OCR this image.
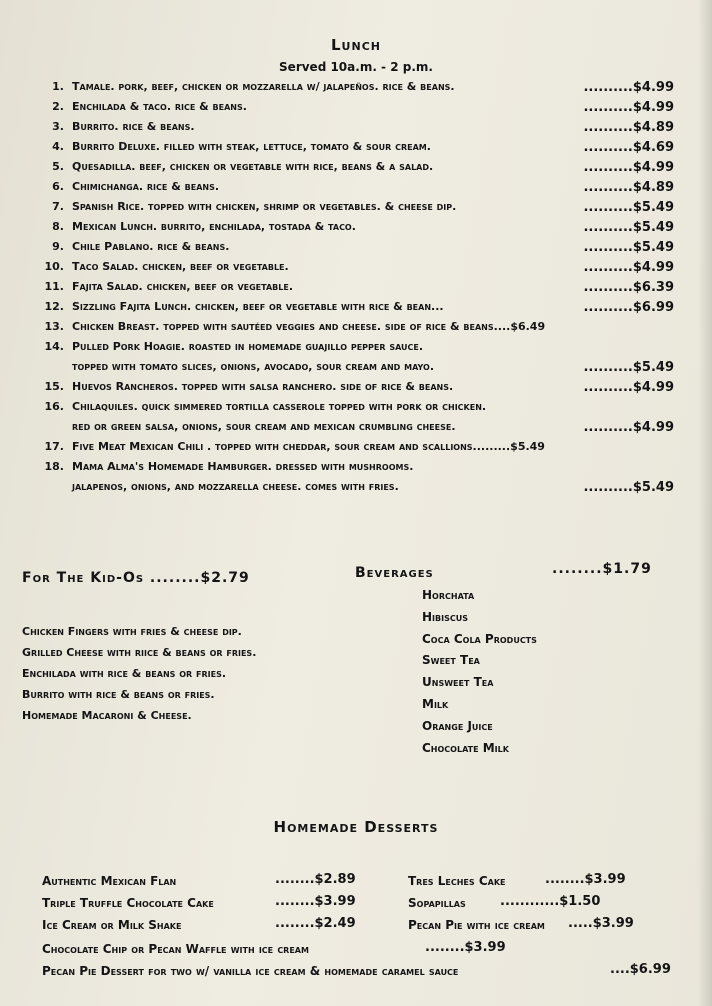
Lunch
Served 10a.m. - 2 p.m.
1. Tamale. pork, beef, chicken or mozzarella w/ jalapeños. rice & beans.	..........$4.99
2. Enchilada & taco. rice & beans.	..........$4.99
3. Burrito. rice & beans.	..........$4.89
4. Burrito Deluxe. filled with steak, lettuce, tomato & sour cream.	..........$4.69
5. Quesadilla. beef, chicken or vegetable with rice, beans & a salad.	..........$4.99
6. Chimichanga. rice & beans.	..........$4.89
7. Spanish Rice. topped with chicken, shrimp or vegetables. & cheese dip.	..........$5.49
8. Mexican Lunch. burrito, enchilada, tostada & taco.	..........$5.49
9. Chile Pablano. rice & beans.	..........$5.49
10. Taco Salad. chicken, beef or vegetable.	..........$4.99
11. Fajita Salad. chicken, beef or vegetable.	..........$6.39
12. Sizzling Fajita Lunch. chicken, beef or vegetable with rice & bean...	..........$6.99
13. Chicken Breast. topped with sautéed veggies and cheese. side of rice & beans....$6.49
14. Pulled Pork Hoagie. roasted in homemade guajillo pepper sauce.
topped with tomato slices, onions, avocado, sour cream and mayo.	..........$5.49
15. Huevos Rancheros. topped with salsa ranchero. side of rice & beans.	..........$4.99
16. Chilaquiles. quick simmered tortilla casserole topped with pork or chicken.
red or green salsa, onions, sour cream and mexican crumbling cheese.	..........$4.99
17. Five Meat Mexican Chili . topped with cheddar, sour cream and scallions.........$5.49
18. Mama Alma's Homemade Hamburger. dressed with mushrooms.
jalapenos, onions, and mozzarella cheese. comes with fries.	..........$5.49
For The Kid-Os ........$2.79
Chicken Fingers with fries & cheese dip.
Grilled Cheese with riice & beans or fries.
Enchilada with rice & beans or fries.
Burrito with rice & beans or fries.
Homemade Macaroni & Cheese.
Beverages	........$1.79
Horchata
Hibiscus
Coca Cola Products
Sweet Tea
Unsweet Tea
Milk
Orange Juice
Chocolate Milk
Homemade Desserts
Authentic Mexican Flan	........$2.89
Triple Truffle Chocolate Cake	........$3.99
Ice Cream or Milk Shake	........$2.49
Tres Leches Cake	........$3.99
Sopapillas	............$1.50
Pecan Pie with ice cream .....$3.99
Chocolate Chip or Pecan Waffle with ice cream	........$3.99
Pecan Pie Dessert for two w/ vanilla ice cream & homemade caramel sauce	....$6.99
